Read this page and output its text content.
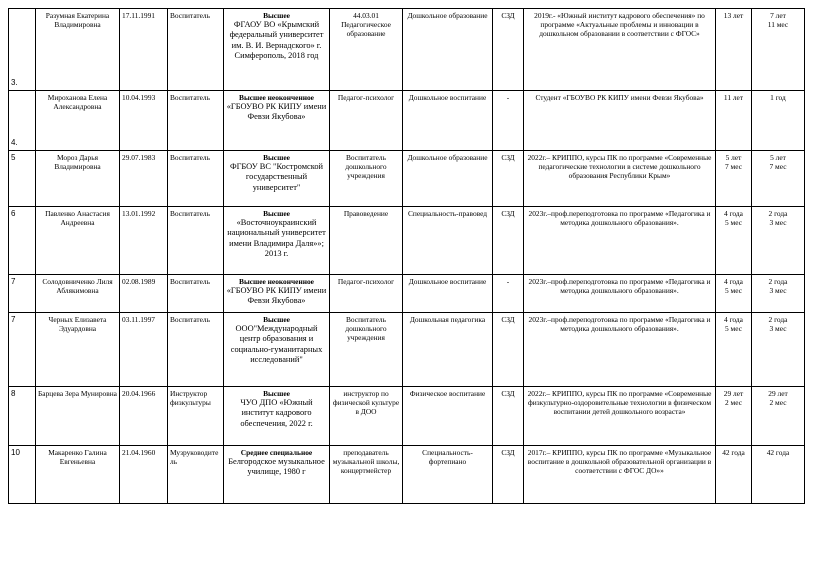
3.	Разумная Екатерина Владимировна	17.11.1991	Воспитатель	Высшее
ФГАОУ ВО «Крымский федеральный университет им. В. И. Вернадского» г. Симферополь, 2018 год	44.03.01 Педагогическое образование	Дошкольное образование	СЗД	2019г.- «Южный институт кадрового обеспечения» по программе «Актуальные проблемы и инновации в дошкольном образовании в соответствии с ФГОС»	13 лет	7 лет
11 мес

4.	Мироханова Елена Александровна	10.04.1993	Воспитатель	Высшее неоконченное
«ГБОУВО РК КИПУ имени Февзи Якубова»	Педагог-психолог	Дошкольное воспитание	-	Студент «ГБОУВО РК КИПУ имени Февзи Якубова»	11 лет	1 год

5	Мороз Дарья Владимировна	29.07.1983	Воспитатель	Высшее
ФГБОУ ВС "Костромской государственный университет"	Воспитатель дошкольного учреждения	Дошкольное образование	СЗД	2022г.– КРИППО, курсы ПК по программе «Современные педагогические технологии в системе дошкольного образования Республики Крым»	5 лет
7 мес	5 лет
7 мес

6	Павленко Анастасия Андреевна	13.01.1992	Воспитатель	Высшее
«Восточноукраинский национальный университет имени Владимира Даля»»; 2013 г.	Правоведение	Специальность-правовед	СЗД	2023г.–проф.переподготовка по программе «Педагогика и методика дошкольного образования».	4 года
5 мес	2 года
3 мес

7	Солодовниченко Лиля Аблякимовна	02.08.1989	Воспитатель	Высшее неоконченное
«ГБОУВО РК КИПУ имени Февзи Якубова»	Педагог-психолог	Дошкольное воспитание	-	2023г.–проф.переподготовка по программе «Педагогика и методика дошкольного образования».	4 года
5 мес	2 года
3 мес

7	Черных Елизавета Эдуардовна	03.11.1997	Воспитатель	Высшее
ООО"Международный центр образования и социально-гуманитарных исследований"	Воспитатель дошкольного учреждения	Дошкольная педагогика	СЗД	2023г.–проф.переподготовка по программе «Педагогика и методика дошкольного образования».	4 года
5 мес	2 года
3 мес

8	Барцева Зера Мунировна	20.04.1966	Инструктор физкультуры	Высшее
ЧУО ДПО «Южный институт кадрового обеспечения, 2022 г.	инструктор по физической культуре в ДОО	Физическое воспитание	СЗД	2022г.– КРИППО, курсы ПК по программе «Современные физкультурно-оздоровительные технологии в физическом воспитании детей дошкольного возраста»	29 лет
2 мес	29 лет
2 мес

10	Макаренко Галина Евгеньевна	21.04.1960	Музруководитель	Среднее специальное
Белгородское музыкальное училище, 1980 г	преподаватель музыкальной школы, концертмейстер	Специальность-фортепиано	СЗД	2017г.– КРИППО, курсы ПК по программе «Музыкальное воспитание в дошкольной образовательной организации в соответствии с ФГОС ДО»»	42 года	42 года
